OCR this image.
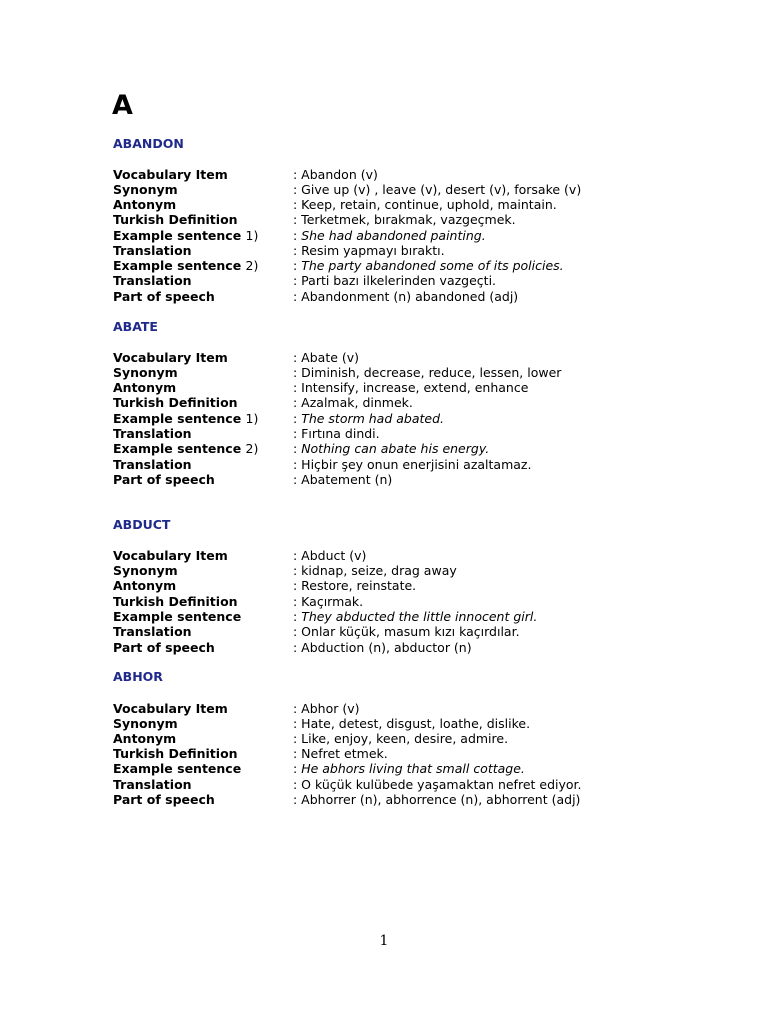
A
ABANDON
Vocabulary Item	: Abandon (v)
Synonym	: Give up (v) , leave (v), desert (v), forsake (v)
Antonym	: Keep, retain, continue, uphold, maintain.
Turkish Definition	: Terketmek, bırakmak, vazgeçmek.
Example sentence 1)	: She had abandoned painting.
Translation	: Resim yapmayı bıraktı.
Example sentence 2)	: The party abandoned some of its policies.
Translation	: Parti bazı ilkelerinden vazgeçti.
Part of speech	: Abandonment (n) abandoned (adj)
ABATE
Vocabulary Item	: Abate (v)
Synonym	: Diminish, decrease, reduce, lessen, lower
Antonym	: Intensify, increase, extend, enhance
Turkish Definition	: Azalmak, dinmek.
Example sentence 1)	: The storm had abated.
Translation	: Fırtına dindi.
Example sentence 2)	: Nothing can abate his energy.
Translation	: Hiçbir şey onun enerjisini azaltamaz.
Part of speech	: Abatement (n)
ABDUCT
Vocabulary Item	: Abduct (v)
Synonym	: kidnap, seize, drag away
Antonym	: Restore, reinstate.
Turkish Definition	: Kaçırmak.
Example sentence	: They abducted the little innocent girl.
Translation	: Onlar küçük, masum kızı kaçırdılar.
Part of speech	: Abduction (n), abductor (n)
ABHOR
Vocabulary Item	: Abhor (v)
Synonym	: Hate, detest, disgust, loathe, dislike.
Antonym	: Like, enjoy, keen, desire, admire.
Turkish Definition	: Nefret etmek.
Example sentence	: He abhors living that small cottage.
Translation	: O küçük kulübede yaşamaktan nefret ediyor.
Part of speech	: Abhorrer (n), abhorrence (n), abhorrent (adj)
1
